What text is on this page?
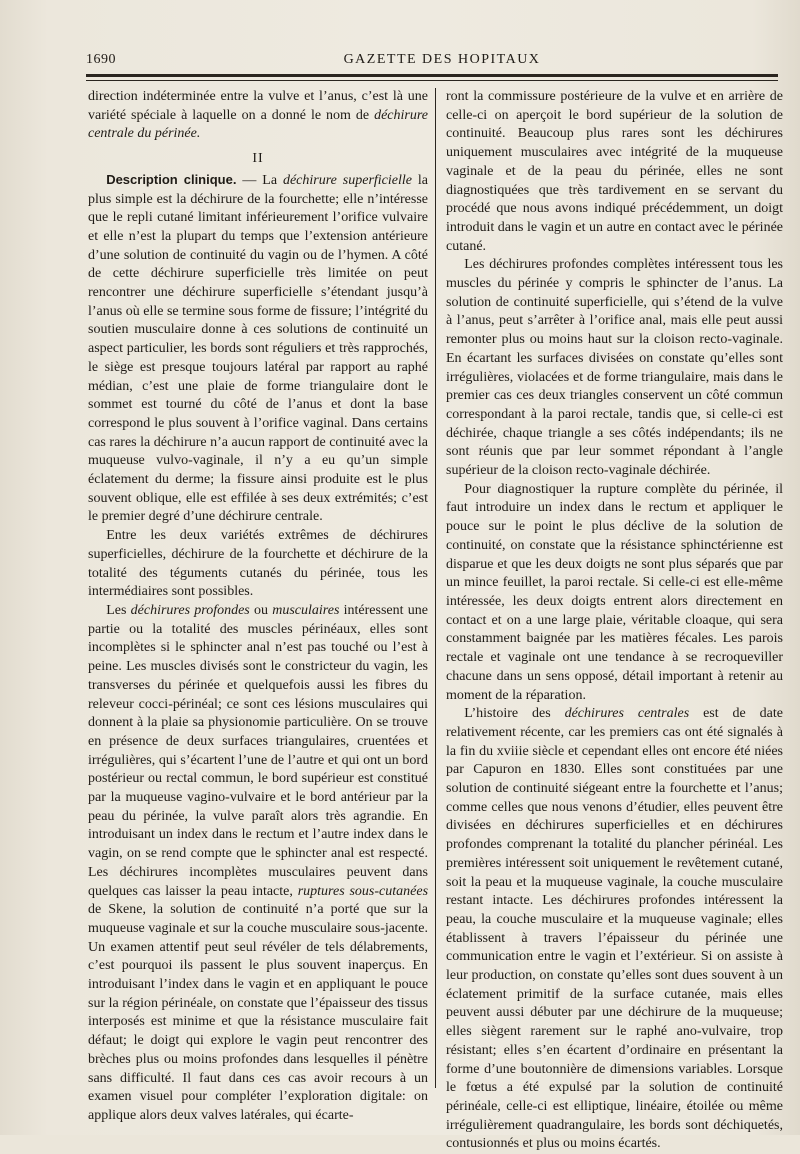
1690	GAZETTE DES HOPITAUX

direction indéterminée entre la vulve et l’anus, c’est là une variété spéciale à laquelle on a donné le nom de déchirure centrale du périnée.

II

Description clinique. — La déchirure superficielle la plus simple est la déchirure de la fourchette; elle n’intéresse que le repli cutané limitant inférieurement l’orifice vulvaire et elle n’est la plupart du temps que l’extension antérieure d’une solution de continuité du vagin ou de l’hymen. A côté de cette déchirure superficielle très limitée on peut rencontrer une déchirure superficielle s’étendant jusqu’à l’anus où elle se termine sous forme de fissure; l’intégrité du soutien musculaire donne à ces solutions de continuité un aspect particulier, les bords sont réguliers et très rapprochés, le siège est presque toujours latéral par rapport au raphé médian, c’est une plaie de forme triangulaire dont le sommet est tourné du côté de l’anus et dont la base correspond le plus souvent à l’orifice vaginal. Dans certains cas rares la déchirure n’a aucun rapport de continuité avec la muqueuse vulvo-vaginale, il n’y a eu qu’un simple éclatement du derme; la fissure ainsi produite est le plus souvent oblique, elle est effilée à ses deux extrémités; c’est le premier degré d’une déchirure centrale.

Entre les deux variétés extrêmes de déchirures superficielles, déchirure de la fourchette et déchirure de la totalité des téguments cutanés du périnée, tous les intermédiaires sont possibles.

Les déchirures profondes ou musculaires intéressent une partie ou la totalité des muscles périnéaux, elles sont incomplètes si le sphincter anal n’est pas touché ou l’est à peine. Les muscles divisés sont le constricteur du vagin, les transverses du périnée et quelquefois aussi les fibres du releveur cocci-périnéal; ce sont ces lésions musculaires qui donnent à la plaie sa physionomie particulière. On se trouve en présence de deux surfaces triangulaires, cruentées et irrégulières, qui s’écartent l’une de l’autre et qui ont un bord postérieur ou rectal commun, le bord supérieur est constitué par la muqueuse vagino-vulvaire et le bord antérieur par la peau du périnée, la vulve paraît alors très agrandie. En introduisant un index dans le rectum et l’autre index dans le vagin, on se rend compte que le sphincter anal est respecté. Les déchirures incomplètes musculaires peuvent dans quelques cas laisser la peau intacte, ruptures sous-cutanées de Skene, la solution de continuité n’a porté que sur la muqueuse vaginale et sur la couche musculaire sous-jacente. Un examen attentif peut seul révéler de tels délabrements, c’est pourquoi ils passent le plus souvent inaperçus. En introduisant l’index dans le vagin et en appliquant le pouce sur la région périnéale, on constate que l’épaisseur des tissus interposés est minime et que la résistance musculaire fait défaut; le doigt qui explore le vagin peut rencontrer des brèches plus ou moins profondes dans lesquelles il pénètre sans difficulté. Il faut dans ces cas avoir recours à un examen visuel pour compléter l’exploration digitale: on applique alors deux valves latérales, qui écarte-

ront la commissure postérieure de la vulve et en arrière de celle-ci on aperçoit le bord supérieur de la solution de continuité. Beaucoup plus rares sont les déchirures uniquement musculaires avec intégrité de la muqueuse vaginale et de la peau du périnée, elles ne sont diagnostiquées que très tardivement en se servant du procédé que nous avons indiqué précédemment, un doigt introduit dans le vagin et un autre en contact avec le périnée cutané.

Les déchirures profondes complètes intéressent tous les muscles du périnée y compris le sphincter de l’anus. La solution de continuité superficielle, qui s’étend de la vulve à l’anus, peut s’arrêter à l’orifice anal, mais elle peut aussi remonter plus ou moins haut sur la cloison recto-vaginale. En écartant les surfaces divisées on constate qu’elles sont irrégulières, violacées et de forme triangulaire, mais dans le premier cas ces deux triangles conservent un côté commun correspondant à la paroi rectale, tandis que, si celle-ci est déchirée, chaque triangle a ses côtés indépendants; ils ne sont réunis que par leur sommet répondant à l’angle supérieur de la cloison recto-vaginale déchirée.

Pour diagnostiquer la rupture complète du périnée, il faut introduire un index dans le rectum et appliquer le pouce sur le point le plus déclive de la solution de continuité, on constate que la résistance sphinctérienne est disparue et que les deux doigts ne sont plus séparés que par un mince feuillet, la paroi rectale. Si celle-ci est elle-même intéressée, les deux doigts entrent alors directement en contact et on a une large plaie, véritable cloaque, qui sera constamment baignée par les matières fécales. Les parois rectale et vaginale ont une tendance à se recroqueviller chacune dans un sens opposé, détail important à retenir au moment de la réparation.

L’histoire des déchirures centrales est de date relativement récente, car les premiers cas ont été signalés à la fin du xviiie siècle et cependant elles ont encore été niées par Capuron en 1830. Elles sont constituées par une solution de continuité siégeant entre la fourchette et l’anus; comme celles que nous venons d’étudier, elles peuvent être divisées en déchirures superficielles et en déchirures profondes comprenant la totalité du plancher périnéal. Les premières intéressent soit uniquement le revêtement cutané, soit la peau et la muqueuse vaginale, la couche musculaire restant intacte. Les déchirures profondes intéressent la peau, la couche musculaire et la muqueuse vaginale; elles établissent à travers l’épaisseur du périnée une communication entre le vagin et l’extérieur. Si on assiste à leur production, on constate qu’elles sont dues souvent à un éclatement primitif de la surface cutanée, mais elles peuvent aussi débuter par une déchirure de la muqueuse; elles siègent rarement sur le raphé ano-vulvaire, trop résistant; elles s’en écartent d’ordinaire en présentant la forme d’une boutonnière de dimensions variables. Lorsque le fœtus a été expulsé par la solution de continuité périnéale, celle-ci est elliptique, linéaire, étoilée ou même irrégulièrement quadrangulaire, les bords sont déchiquetés, contusionnés et plus ou moins écartés.
